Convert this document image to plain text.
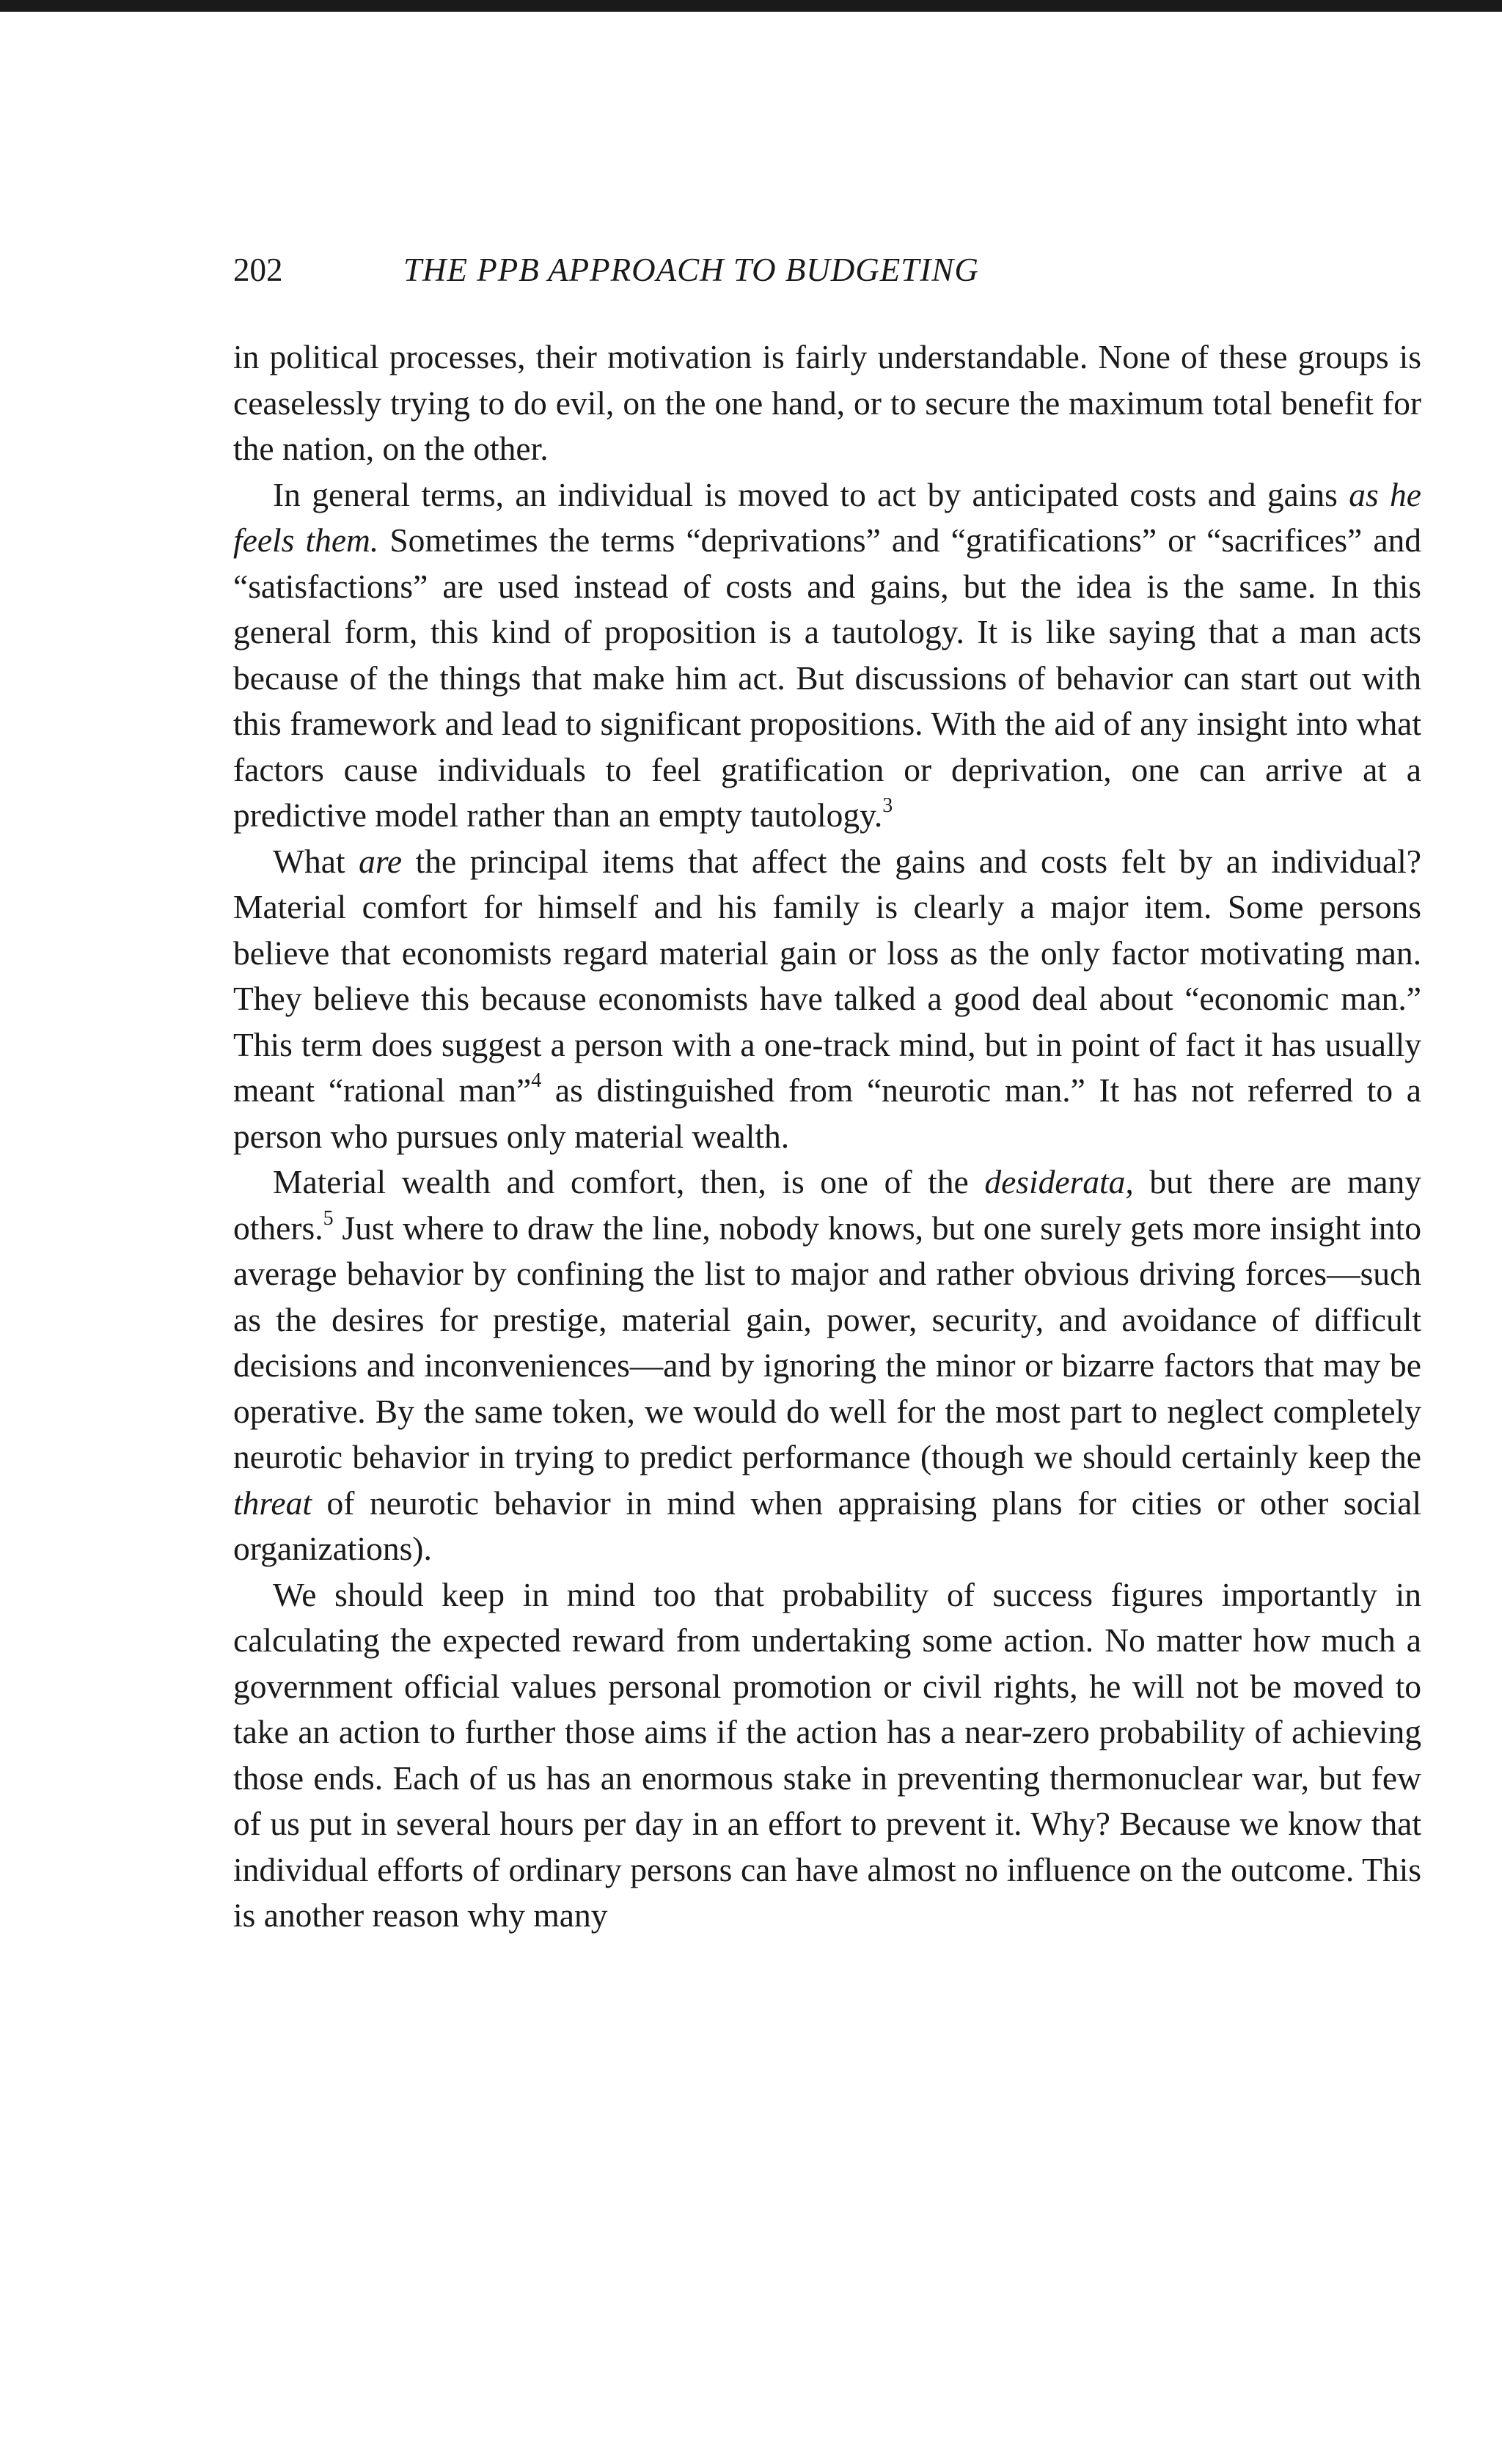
202	THE PPB APPROACH TO BUDGETING

in political processes, their motivation is fairly understandable. None of these groups is ceaselessly trying to do evil, on the one hand, or to secure the maximum total benefit for the nation, on the other.

In general terms, an individual is moved to act by anticipated costs and gains as he feels them. Sometimes the terms “deprivations” and “gratifications” or “sacrifices” and “satisfactions” are used instead of costs and gains, but the idea is the same. In this general form, this kind of proposition is a tautology. It is like saying that a man acts because of the things that make him act. But discussions of behavior can start out with this framework and lead to significant propositions. With the aid of any insight into what factors cause individuals to feel gratification or deprivation, one can arrive at a predictive model rather than an empty tautology.$^3$

What are the principal items that affect the gains and costs felt by an individual? Material comfort for himself and his family is clearly a major item. Some persons believe that economists regard material gain or loss as the only factor motivating man. They believe this because economists have talked a good deal about “economic man.” This term does suggest a person with a one-track mind, but in point of fact it has usually meant “rational man”$^4$ as distinguished from “neurotic man.” It has not referred to a person who pursues only material wealth.

Material wealth and comfort, then, is one of the desiderata, but there are many others.$^5$ Just where to draw the line, nobody knows, but one surely gets more insight into average behavior by confining the list to major and rather obvious driving forces—such as the desires for prestige, material gain, power, security, and avoidance of difficult decisions and inconveniences—and by ignoring the minor or bizarre factors that may be operative. By the same token, we would do well for the most part to neglect completely neurotic behavior in trying to predict performance (though we should certainly keep the threat of neurotic behavior in mind when appraising plans for cities or other social organizations).

We should keep in mind too that probability of success figures importantly in calculating the expected reward from undertaking some action. No matter how much a government official values personal promotion or civil rights, he will not be moved to take an action to further those aims if the action has a near-zero probability of achieving those ends. Each of us has an enormous stake in preventing thermonuclear war, but few of us put in several hours per day in an effort to prevent it. Why? Because we know that individual efforts of ordinary persons can have almost no influence on the outcome. This is another reason why many
